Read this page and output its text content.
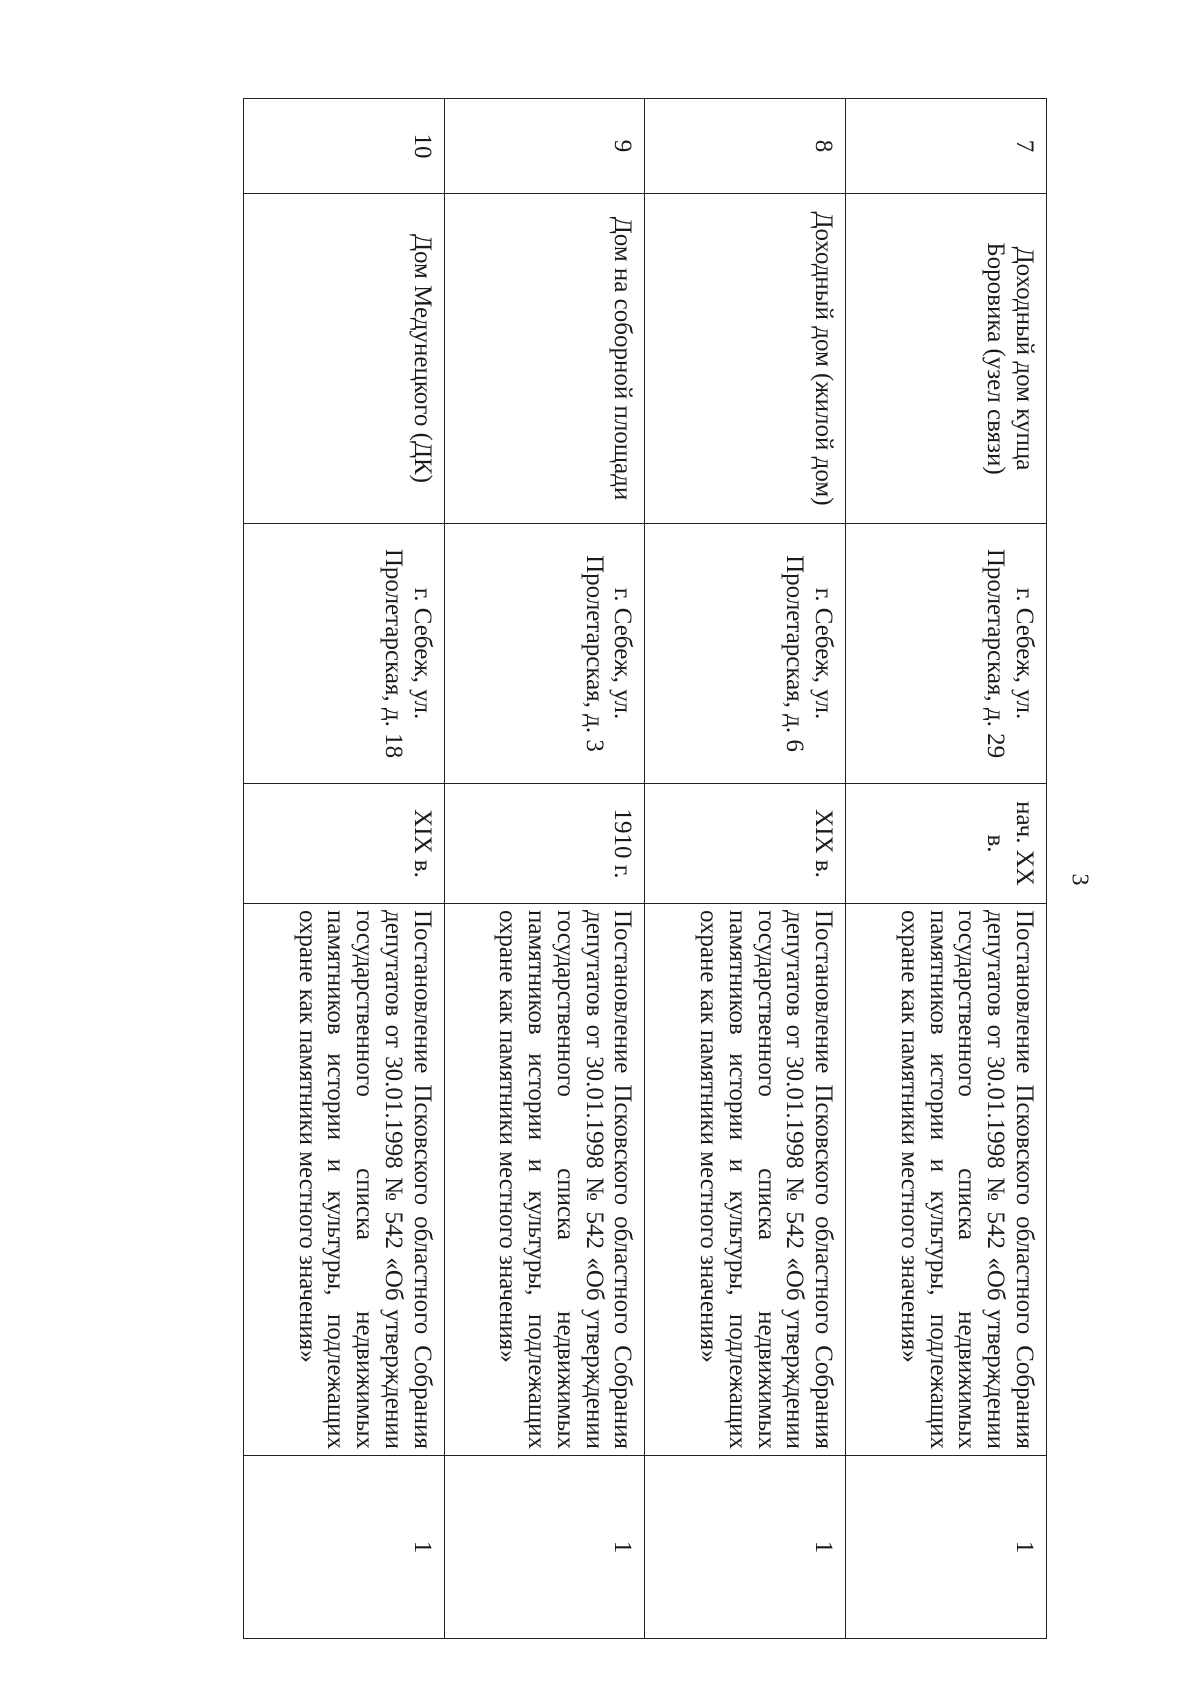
3
7	Доходный дом купца Боровика (узел связи)	г. Себеж, ул. Пролетарская, д. 29	нач. XX в.	Постановление Псковского областного Собрания депутатов от 30.01.1998 № 542 «Об утверждении государственного списка недвижимых памятников истории и культуры, подлежащих охране как памятники местного значения»	1
8	Доходный дом (жилой дом)	г. Себеж, ул. Пролетарская, д. 6	XIX в.	Постановление Псковского областного Собрания депутатов от 30.01.1998 № 542 «Об утверждении государственного списка недвижимых памятников истории и культуры, подлежащих охране как памятники местного значения»	1
9	Дом на соборной площади	г. Себеж, ул. Пролетарская, д. 3	1910 г.	Постановление Псковского областного Собрания депутатов от 30.01.1998 № 542 «Об утверждении государственного списка недвижимых памятников истории и культуры, подлежащих охране как памятники местного значения»	1
10	Дом Медунецкого (ДК)	г. Себеж, ул. Пролетарская, д. 18	XIX в.	Постановление Псковского областного Собрания депутатов от 30.01.1998 № 542 «Об утверждении государственного списка недвижимых памятников истории и культуры, подлежащих охране как памятники местного значения»	1
